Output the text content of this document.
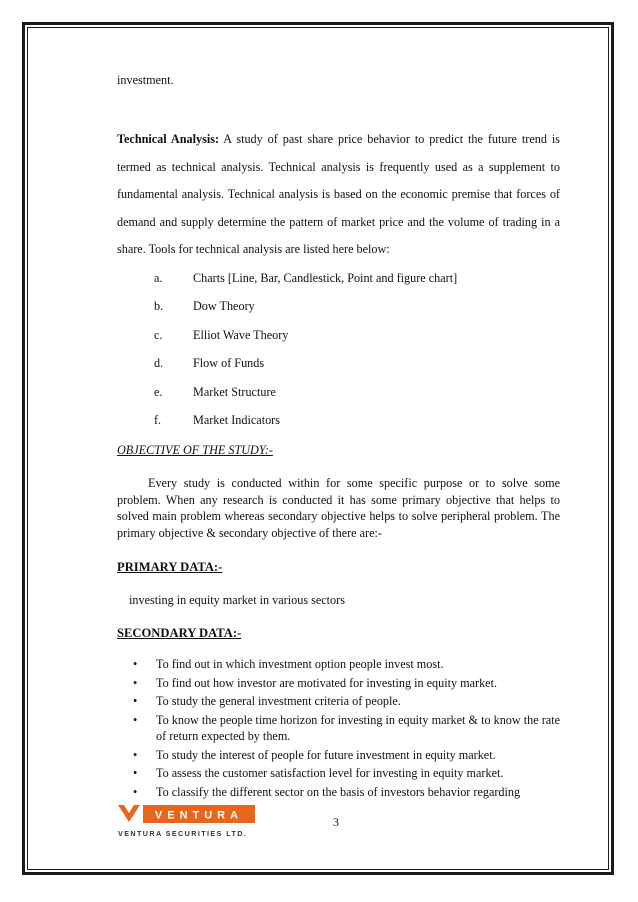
investment.

Technical Analysis: A study of past share price behavior to predict the future trend is termed as technical analysis. Technical analysis is frequently used as a supplement to fundamental analysis. Technical analysis is based on the economic premise that forces of demand and supply determine the pattern of market price and the volume of trading in a share. Tools for technical analysis are listed here below:

a.	Charts [Line, Bar, Candlestick, Point and figure chart]
b. Dow Theory
c.	Elliot Wave Theory
d. Flow of Funds
e.	Market Structure
f.	Market Indicators

OBJECTIVE OF THE STUDY:-

Every study is conducted within for some specific purpose or to solve some problem. When any research is conducted it has some primary objective that helps to solved main problem whereas secondary objective helps to solve peripheral problem. The primary objective & secondary objective of there are:-

PRIMARY DATA:-

investing in equity market in various sectors

SECONDARY DATA:-

• To find out in which investment option people invest most.
• To find out how investor are motivated for investing in equity market.
• To study the general investment criteria of people.
• To know the people time horizon for investing in equity market & to know the rate of return expected by them.
• To study the interest of people for future investment in equity market.
• To assess the customer satisfaction level for investing in equity market.
• To classify the different sector on the basis of investors behavior regarding
VENTURA
VENTURA SECURITIES LTD.
3
